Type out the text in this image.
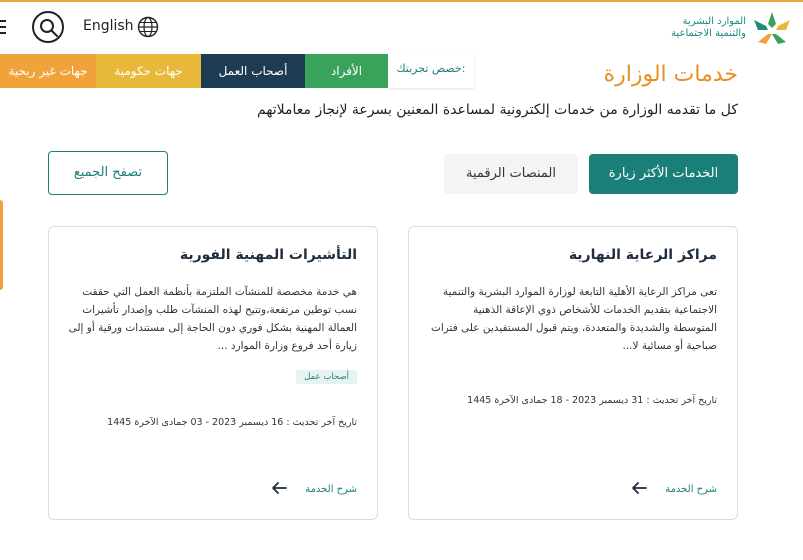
English	الموارد البشرية
والتنمية الاجتماعية
خصص تجربتك:
الأفراد
أصحاب العمل
جهات حكومية
جهات غير ربحية	خدمات الوزارة
كل ما تقدمه الوزارة من خدمات إلكترونية لمساعدة المعنين بسرعة لإنجاز معاملاتهم
الخدمات الأكثر زيارة
المنصات الرقمية
تصفح الجميع
مراكز الرعاية النهارية
تعى مراكز الرعاية الأهلية التابعة لوزارة الموارد البشرية والتنمية الاجتماعية بتقديم الخدمات للأشخاص ذوي الإعاقة الذهنية المتوسطة والشديدة والمتعددة، ويتم قبول المستفيدين على فترات صباحية أو مسائية لا...
تاريخ آخر تحديث : 31 ديسمبر 2023 - 18 جمادى الآخرة 1445
شرح الخدمة
التأشيرات المهنية الفورية
هي خدمة مخصصة للمنشآت الملتزمة بأنظمة العمل التي حققت نسب توطين مرتفعة،وتتيح لهذه المنشآت طلب وإصدار تأشيرات العمالة المهنية بشكل فوري دون الحاجة إلى مستندات ورقية أو إلى زيارة أحد فروع وزارة الموارد ...
أصحاب عمل
تاريخ آخر تحديث : 16 ديسمبر 2023 - 03 جمادى الآخرة 1445
شرح الخدمة
